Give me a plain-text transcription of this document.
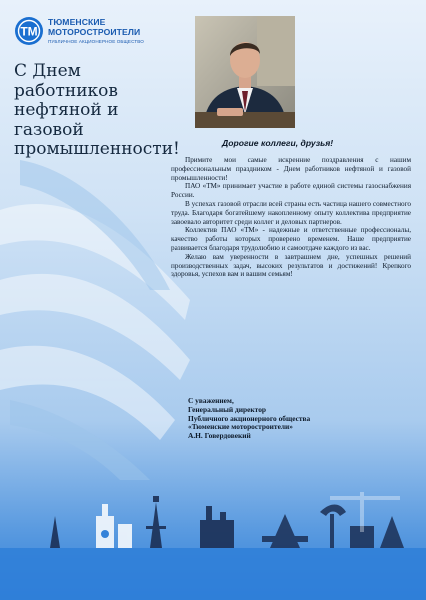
TM
ТЮМЕНСКИЕ
МОТОРОСТРОИТЕЛИ
ПУБЛИЧНОЕ АКЦИОНЕРНОЕ ОБЩЕСТВО
С Днем
работников
нефтяной и
газовой
промышленности!	Дорогие коллеги, друзья!

Примите мои самые искренние поздравления с нашим профессиональным праздником - Днем работников нефтяной и газовой промышленности!

ПАО «ТМ» принимает участие в работе единой системы газоснабжения России.

В успехах газовой отрасли всей страны есть частица нашего совместного труда. Благодаря богатейшему накопленному опыту коллектива предприятие завоевало авторитет среди коллег и деловых партнеров.

Коллектив ПАО «ТМ» - надежные и ответственные профессионалы, качество работы которых проверено временем. Наше предприятие развивается благодаря трудолюбию и самоотдаче каждого из вас.

Желаю вам уверенности в завтрашнем дне, успешных решений производственных задач, высоких результатов и достижений! Крепкого здоровья, успехов вам и вашим семьям!

С уважением,
Генеральный директор
Публичного акционерного общества
«Тюменские моторостроители»
А.Н. Говердовекий
